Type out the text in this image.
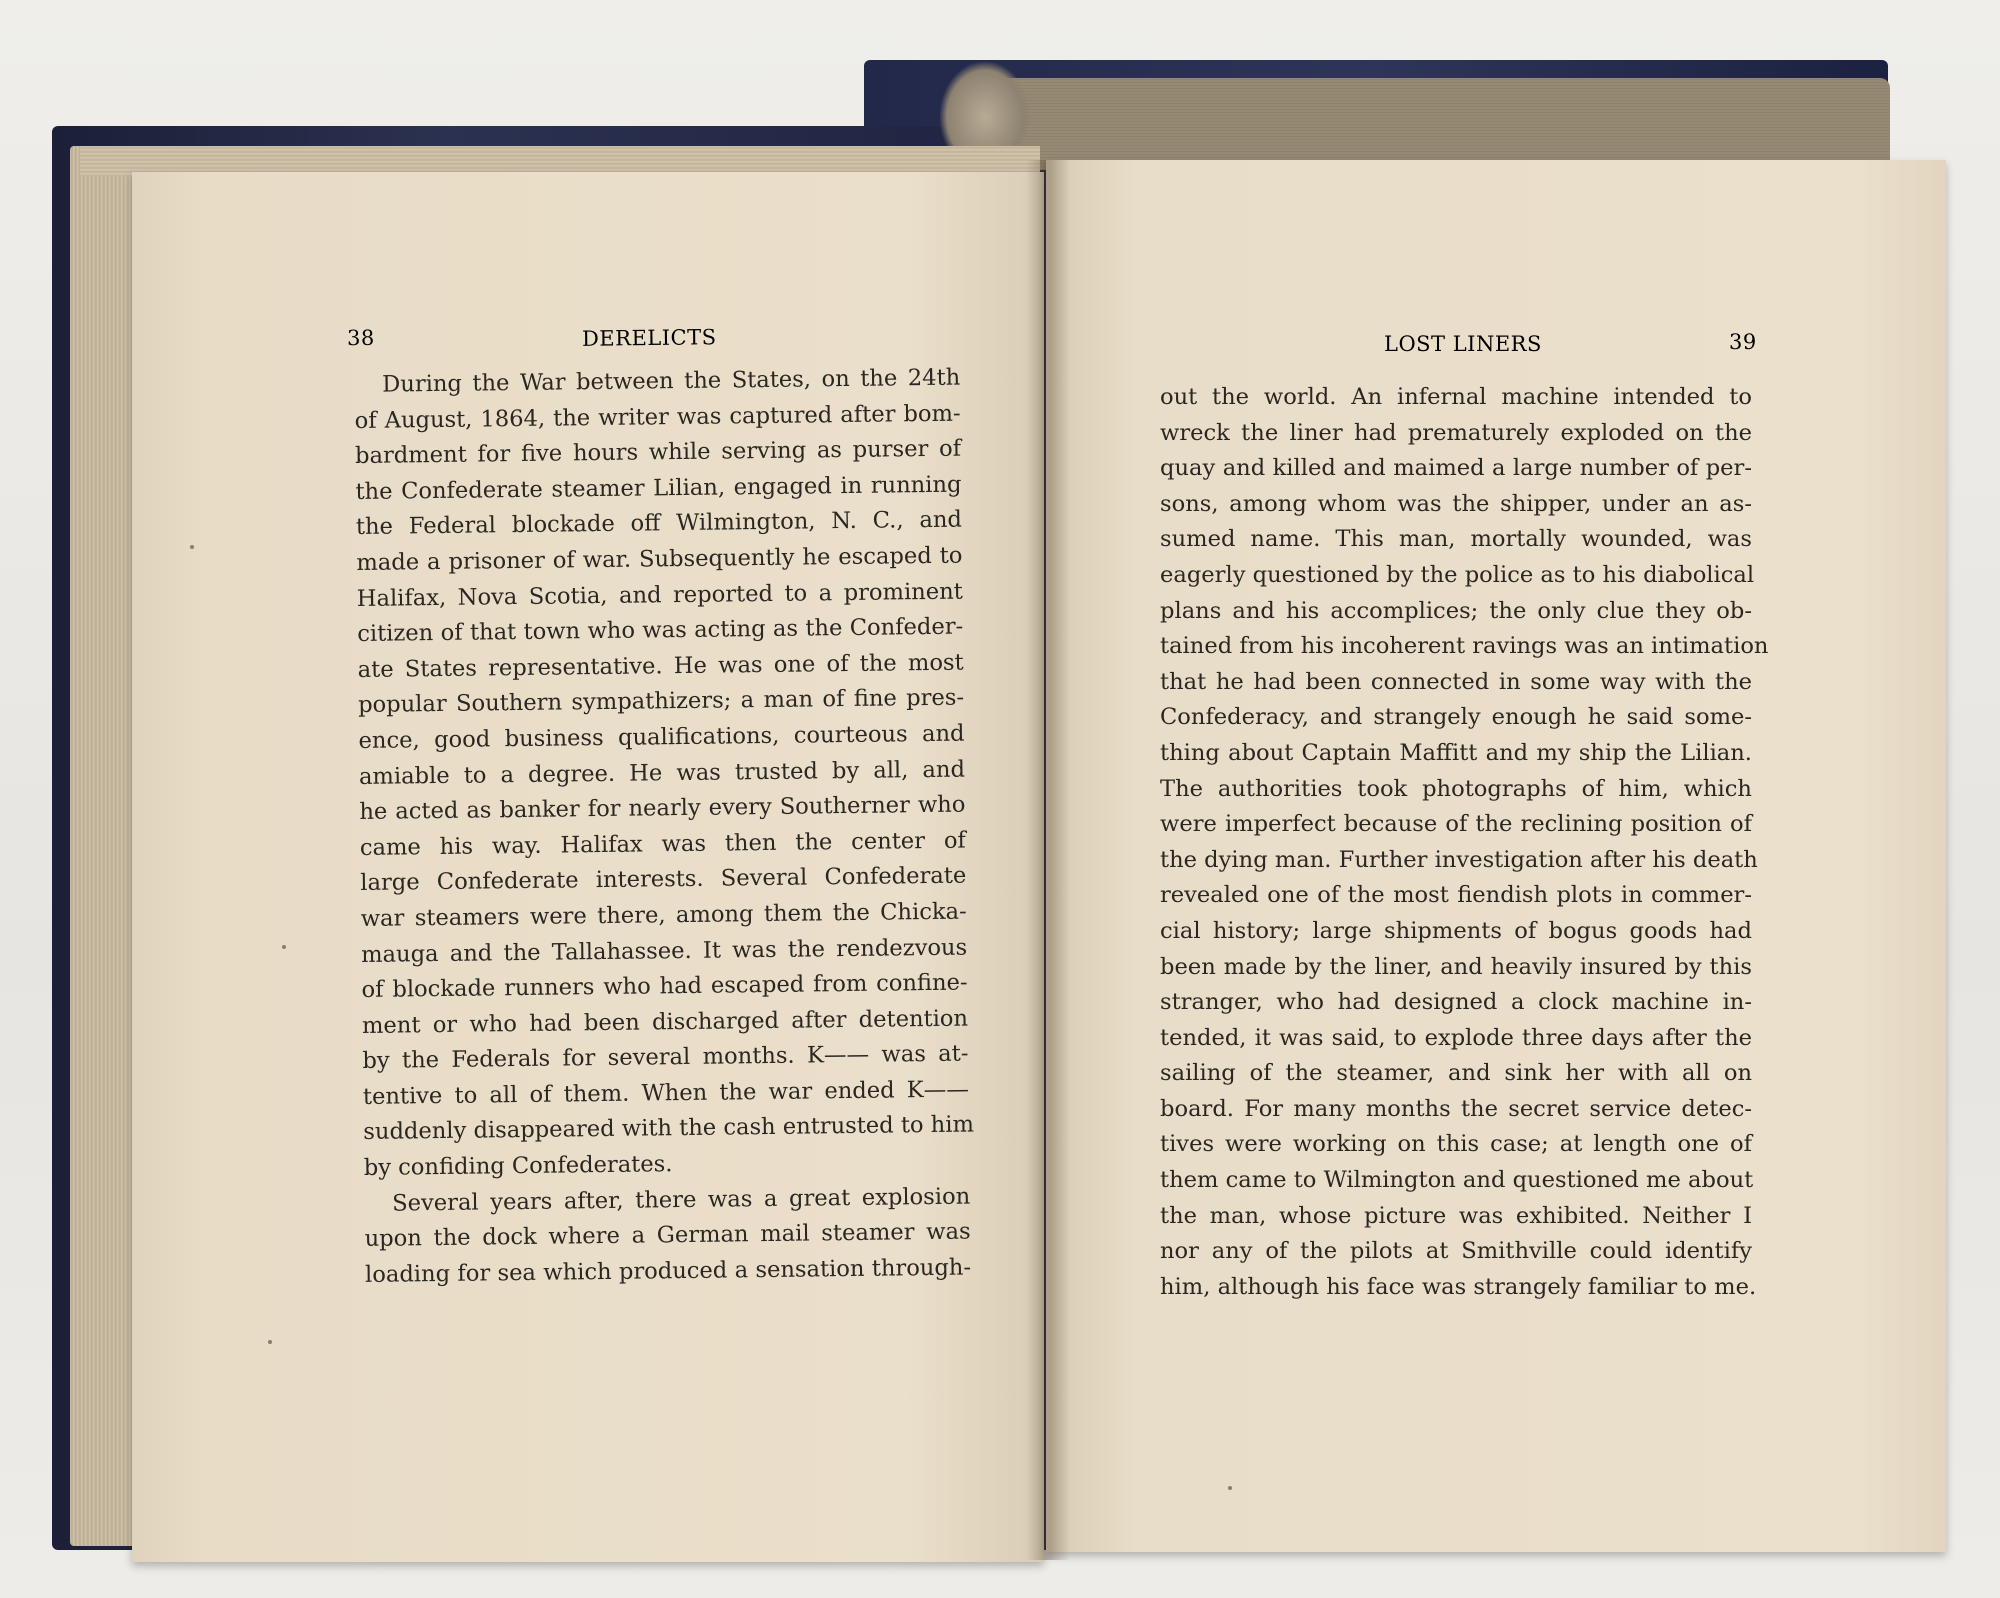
38	DERELICTS	LOST LINERS	39
During the War between the States, on the 24th
of August, 1864, the writer was captured after bom-
bardment for five hours while serving as purser of
the Confederate steamer Lilian, engaged in running
the Federal blockade off Wilmington, N. C., and
made a prisoner of war. Subsequently he escaped to
Halifax, Nova Scotia, and reported to a prominent
citizen of that town who was acting as the Confeder-
ate States representative. He was one of the most
popular Southern sympathizers; a man of fine pres-
ence, good business qualifications, courteous and
amiable to a degree. He was trusted by all, and
he acted as banker for nearly every Southerner who
came his way. Halifax was then the center of
large Confederate interests. Several Confederate
war steamers were there, among them the Chicka-
mauga and the Tallahassee. It was the rendezvous
of blockade runners who had escaped from confine-
ment or who had been discharged after detention
by the Federals for several months. K—— was at-
tentive to all of them. When the war ended K——
suddenly disappeared with the cash entrusted to him
by confiding Confederates.
Several years after, there was a great explosion
upon the dock where a German mail steamer was
loading for sea which produced a sensation through-
out the world. An infernal machine intended to
wreck the liner had prematurely exploded on the
quay and killed and maimed a large number of per-
sons, among whom was the shipper, under an as-
sumed name. This man, mortally wounded, was
eagerly questioned by the police as to his diabolical
plans and his accomplices; the only clue they ob-
tained from his incoherent ravings was an intimation
that he had been connected in some way with the
Confederacy, and strangely enough he said some-
thing about Captain Maffitt and my ship the Lilian.
The authorities took photographs of him, which
were imperfect because of the reclining position of
the dying man. Further investigation after his death
revealed one of the most fiendish plots in commer-
cial history; large shipments of bogus goods had
been made by the liner, and heavily insured by this
stranger, who had designed a clock machine in-
tended, it was said, to explode three days after the
sailing of the steamer, and sink her with all on
board. For many months the secret service detec-
tives were working on this case; at length one of
them came to Wilmington and questioned me about
the man, whose picture was exhibited. Neither I
nor any of the pilots at Smithville could identify
him, although his face was strangely familiar to me.
